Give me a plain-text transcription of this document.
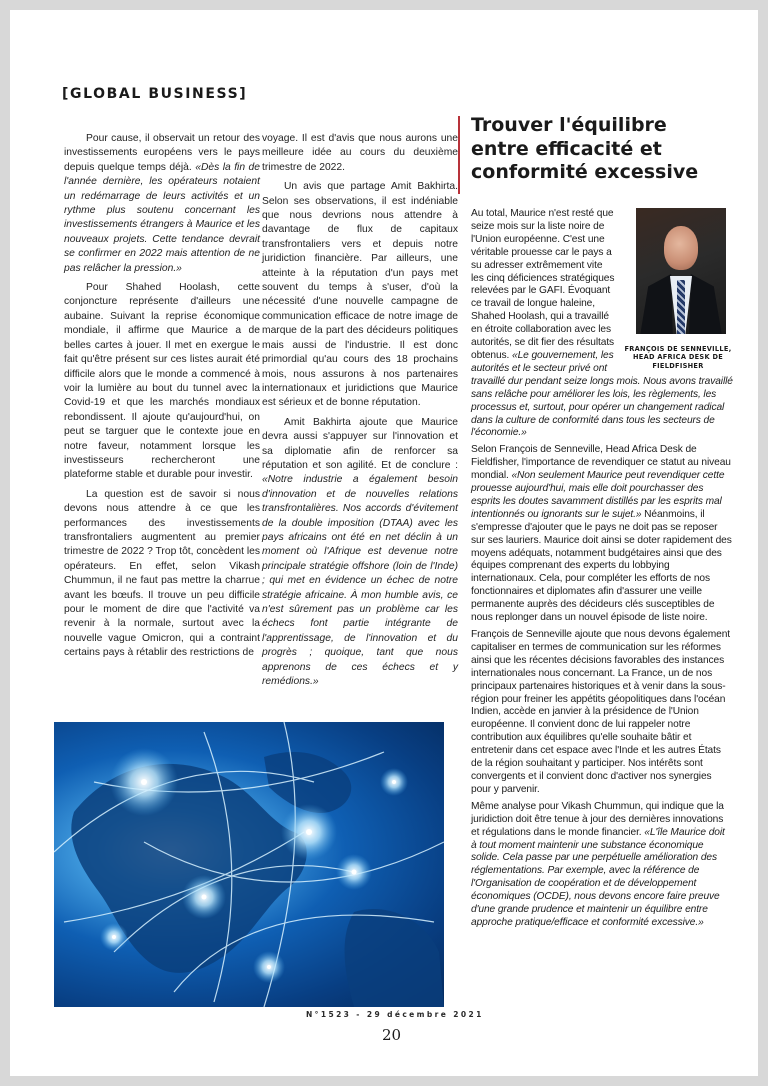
[GLOBAL BUSINESS]

Pour cause, il observait un retour des investissements européens vers le pays depuis quelque temps déjà. «Dès la fin de l'année dernière, les opérateurs notaient un redémarrage de leurs activités et un rythme plus soutenu concernant les investissements étrangers à Maurice et les nouveaux projets. Cette tendance devrait se confirmer en 2022 mais attention de ne pas relâcher la pression.»

Pour Shahed Hoolash, cette conjoncture représente d'ailleurs une aubaine. Suivant la reprise économique mondiale, il affirme que Maurice a de belles cartes à jouer. Il met en exergue le fait qu'être présent sur ces listes aurait été difficile alors que le monde a commencé à voir la lumière au bout du tunnel avec la Covid-19 et que les marchés mondiaux rebondissent. Il ajoute qu'aujourd'hui, on peut se targuer que le contexte joue en notre faveur, notamment lorsque les investisseurs rechercheront une plateforme stable et durable pour investir.

La question est de savoir si nous devons nous attendre à ce que les performances des investissements transfrontaliers augmentent au premier trimestre de 2022 ? Trop tôt, concèdent les opérateurs. En effet, selon Vikash Chummun, il ne faut pas mettre la charrue avant les bœufs. Il trouve un peu difficile pour le moment de dire que l'activité va revenir à la normale, surtout avec la nouvelle vague Omicron, qui a contraint certains pays à rétablir des restrictions de

voyage. Il est d'avis que nous aurons une meilleure idée au cours du deuxième trimestre de 2022.

Un avis que partage Amit Bakhirta. Selon ses observations, il est indéniable que nous devrions nous attendre à davantage de flux de capitaux transfrontaliers vers et depuis notre juridiction financière. Par ailleurs, une atteinte à la réputation d'un pays met souvent du temps à s'user, d'où la nécessité d'une nouvelle campagne de communication efficace de notre image de marque de la part des décideurs politiques mais aussi de l'industrie. Il est donc primordial qu'au cours des 18 prochains mois, nous assurons à nos partenaires internationaux et juridictions que Maurice est sérieux et de bonne réputation.

Amit Bakhirta ajoute que Maurice devra aussi s'appuyer sur l'innovation et sa diplomatie afin de renforcer sa réputation et son agilité. Et de conclure : «Notre industrie a également besoin d'innovation et de nouvelles relations transfrontalières. Nos accords d'évitement de la double imposition (DTAA) avec les pays africains ont été en net déclin à un moment où l'Afrique est devenue notre principale stratégie offshore (loin de l'Inde) ; qui met en évidence un échec de notre stratégie africaine. À mon humble avis, ce n'est sûrement pas un problème car les échecs font partie intégrante de l'apprentissage, de l'innovation et du progrès ; quoique, tant que nous apprenons de ces échecs et y remédions.»

Trouver l'équilibre entre efficacité et conformité excessive
FRANÇOIS DE SENNEVILLE, HEAD AFRICA DESK DE FIELDFISHER

Au total, Maurice n'est resté que seize mois sur la liste noire de l'Union européenne. C'est une véritable prouesse car le pays a su adresser extrêmement vite les cinq déficiences stratégiques relevées par le GAFI. Évoquant ce travail de longue haleine, Shahed Hoolash, qui a travaillé en étroite collaboration avec les autorités, se dit fier des résultats obtenus. «Le gouvernement, les autorités et le secteur privé ont travaillé dur pendant seize longs mois. Nous avons travaillé sans relâche pour améliorer les lois, les règlements, les processus et, surtout, pour opérer un changement radical dans la culture de conformité dans tous les secteurs de l'économie.»

Selon François de Senneville, Head Africa Desk de Fieldfisher, l'importance de revendiquer ce statut au niveau mondial. «Non seulement Maurice peut revendiquer cette prouesse aujourd'hui, mais elle doit pourchasser des esprits les doutes savamment distillés par les esprits mal intentionnés ou ignorants sur le sujet.» Néanmoins, il s'empresse d'ajouter que le pays ne doit pas se reposer sur ses lauriers. Maurice doit ainsi se doter rapidement des moyens adéquats, notamment budgétaires ainsi que des équipes comprenant des experts du lobbying internationaux. Cela, pour compléter les efforts de nos fonctionnaires et diplomates afin d'assurer une veille permanente auprès des décideurs clés susceptibles de nous replonger dans un nouvel épisode de liste noire.

François de Senneville ajoute que nous devons également capitaliser en termes de communication sur les réformes ainsi que les récentes décisions favorables des instances internationales nous concernant. La France, un de nos principaux partenaires historiques et à venir dans la sous-région pour freiner les appétits géopolitiques dans l'océan Indien, accède en janvier à la présidence de l'Union européenne. Il convient donc de lui rappeler notre contribution aux équilibres qu'elle souhaite bâtir et entretenir dans cet espace avec l'Inde et les autres États de la région souhaitant y participer. Nos intérêts sont convergents et il convient donc d'activer nos synergies pour y parvenir.

Même analyse pour Vikash Chummun, qui indique que la juridiction doit être tenue à jour des dernières innovations et régulations dans le monde financier. «L'île Maurice doit à tout moment maintenir une substance économique solide. Cela passe par une perpétuelle amélioration des réglementations. Par exemple, avec la référence de l'Organisation de coopération et de développement économiques (OCDE), nous devons encore faire preuve d'une grande prudence et maintenir un équilibre entre approche pratique/efficace et conformité excessive.»

N°1523 - 29 décembre 2021
20
